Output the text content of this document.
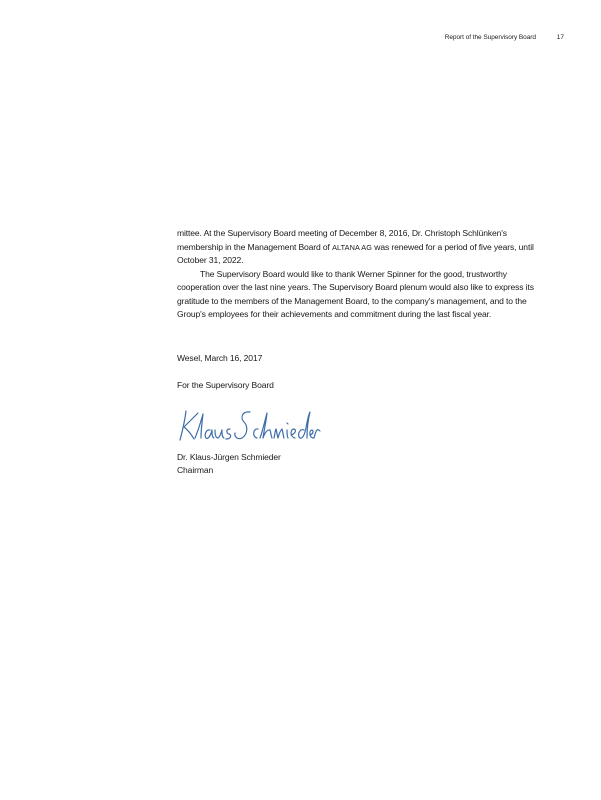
Report of the Supervisory Board	17

mittee. At the Supervisory Board meeting of December 8, 2016, Dr. Christoph Schlünken's membership in the Management Board of ALTANA AG was renewed for a period of five years, until October 31, 2022.

The Supervisory Board would like to thank Werner Spinner for the good, trustworthy cooperation over the last nine years. The Supervisory Board plenum would also like to express its gratitude to the members of the Management Board, to the company's management, and to the Group's employees for their achievements and commitment during the last fiscal year.

Wesel, March 16, 2017
For the Supervisory Board
Dr. Klaus-Jürgen Schmieder
Chairman
